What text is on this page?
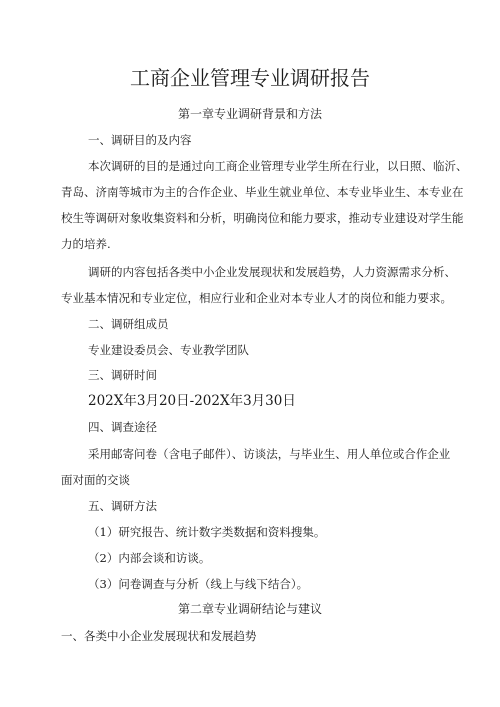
工商企业管理专业调研报告
第一章专业调研背景和方法
一、调研目的及内容
本次调研的目的是通过向工商企业管理专业学生所在行业，以日照、临沂、
青岛、济南等城市为主的合作企业、毕业生就业单位、本专业毕业生、本专业在
校生等调研对象收集资料和分析，明确岗位和能力要求，推动专业建设对学生能
力的培养.
调研的内容包括各类中小企业发展现状和发展趋势，人力资源需求分析、
专业基本情况和专业定位，相应行业和企业对本专业人才的岗位和能力要求。
二、调研组成员
专业建设委员会、专业教学团队
三、调研时间
202X年3月20日-202X年3月30日
四、调查途径
采用邮寄问卷（含电子邮件）、访谈法，与毕业生、用人单位或合作企业
面对面的交谈
五、调研方法
（1）研究报告、统计数字类数据和资料搜集。
（2）内部会谈和访谈。
（3）问卷调查与分析（线上与线下结合）。
第二章专业调研结论与建议
一、各类中小企业发展现状和发展趋势
